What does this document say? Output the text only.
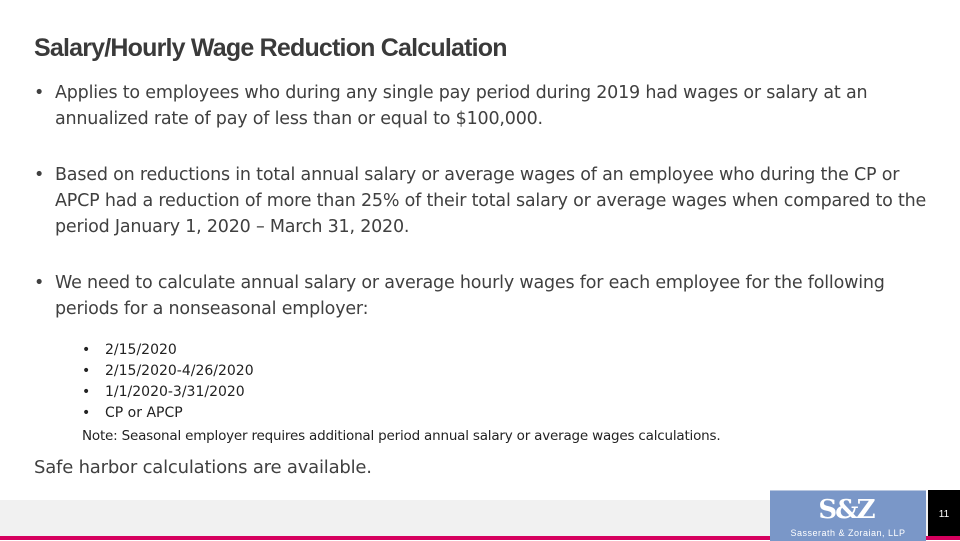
Salary/Hourly Wage Reduction Calculation
• Applies to employees who during any single pay period during 2019 had wages or salary at an annualized rate of pay of less than or equal to $100,000.
• Based on reductions in total annual salary or average wages of an employee who during the CP or APCP had a reduction of more than 25% of their total salary or average wages when compared to the period January 1, 2020 – March 31, 2020.
• We need to calculate annual salary or average hourly wages for each employee for the following periods for a nonseasonal employer:
• 2/15/2020
• 2/15/2020-4/26/2020
• 1/1/2020-3/31/2020
• CP or APCP
Note: Seasonal employer requires additional period annual salary or average wages calculations.
Safe harbor calculations are available.
S&Z
Sasserath & Zoraian, LLP
11
